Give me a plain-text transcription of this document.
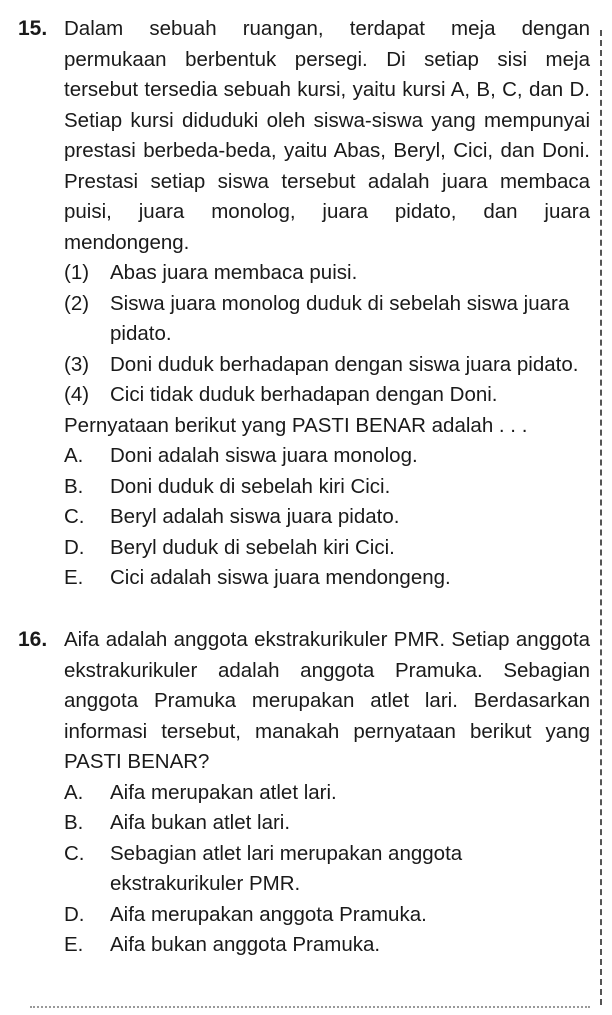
15. Dalam sebuah ruangan, terdapat meja dengan permukaan berbentuk persegi. Di setiap sisi meja tersebut tersedia sebuah kursi, yaitu kursi A, B, C, dan D. Setiap kursi diduduki oleh siswa-siswa yang mempunyai prestasi berbeda-beda, yaitu Abas, Beryl, Cici, dan Doni. Prestasi setiap siswa tersebut adalah juara membaca puisi, juara monolog, juara pidato, dan juara mendongeng.
(1)	Abas juara membaca puisi.
(2)	Siswa juara monolog duduk di sebelah siswa juara pidato.
(3)	Doni duduk berhadapan dengan siswa juara pidato.
(4)	Cici tidak duduk berhadapan dengan Doni.
Pernyataan berikut yang PASTI BENAR adalah . . .
A.	Doni adalah siswa juara monolog.
B.	Doni duduk di sebelah kiri Cici.
C.	Beryl adalah siswa juara pidato.
D.	Beryl duduk di sebelah kiri Cici.
E.	Cici adalah siswa juara mendongeng.
16. Aifa adalah anggota ekstrakurikuler PMR. Setiap anggota ekstrakurikuler adalah anggota Pramuka. Sebagian anggota Pramuka merupakan atlet lari. Berdasarkan informasi tersebut, manakah pernyataan berikut yang PASTI BENAR?
A.	Aifa merupakan atlet lari.
B.	Aifa bukan atlet lari.
C.	Sebagian atlet lari merupakan anggota ekstrakurikuler PMR.
D.	Aifa merupakan anggota Pramuka.
E.	Aifa bukan anggota Pramuka.
